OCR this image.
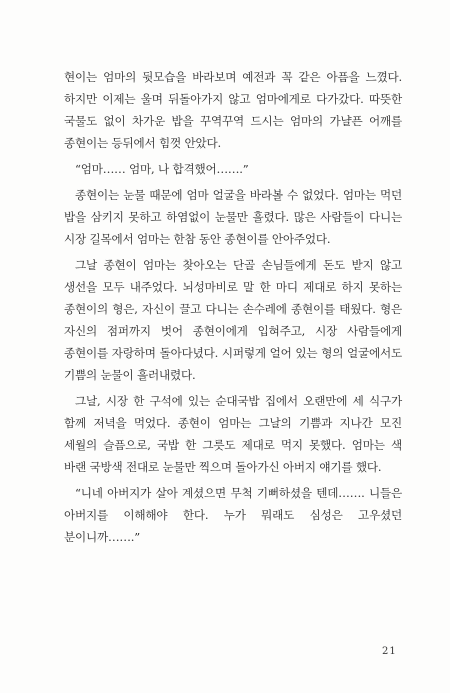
현이는 엄마의 뒷모습을 바라보며 예전과 꼭 같은 아픔을 느꼈다. 하지만 이제는 울며 뒤돌아가지 않고 엄마에게로 다가갔다. 따뜻한 국물도 없이 차가운 밥을 꾸역꾸역 드시는 엄마의 가냘픈 어깨를 종현이는 등뒤에서 힘껏 안았다.

“엄마…… 엄마, 나 합격했어…….”

종현이는 눈물 때문에 엄마 얼굴을 바라볼 수 없었다. 엄마는 먹던 밥을 삼키지 못하고 하염없이 눈물만 흘렸다. 많은 사람들이 다니는 시장 길목에서 엄마는 한참 동안 종현이를 안아주었다.

그날 종현이 엄마는 찾아오는 단골 손님들에게 돈도 받지 않고 생선을 모두 내주었다. 뇌성마비로 말 한 마디 제대로 하지 못하는 종현이의 형은, 자신이 끌고 다니는 손수레에 종현이를 태웠다. 형은 자신의 점퍼까지 벗어 종현이에게 입혀주고, 시장 사람들에게 종현이를 자랑하며 돌아다녔다. 시퍼렇게 얼어 있는 형의 얼굴에서도 기쁨의 눈물이 흘러내렸다.

그날, 시장 한 구석에 있는 순대국밥 집에서 오랜만에 세 식구가 함께 저녁을 먹었다. 종현이 엄마는 그날의 기쁨과 지나간 모진 세월의 슬픔으로, 국밥 한 그릇도 제대로 먹지 못했다. 엄마는 색 바랜 국방색 전대로 눈물만 찍으며 돌아가신 아버지 얘기를 했다.

“니네 아버지가 살아 계셨으면 무척 기뻐하셨을 텐데……. 니들은 아버지를 이해해야 한다. 누가 뭐래도 심성은 고우셨던 분이니까…….”

21
